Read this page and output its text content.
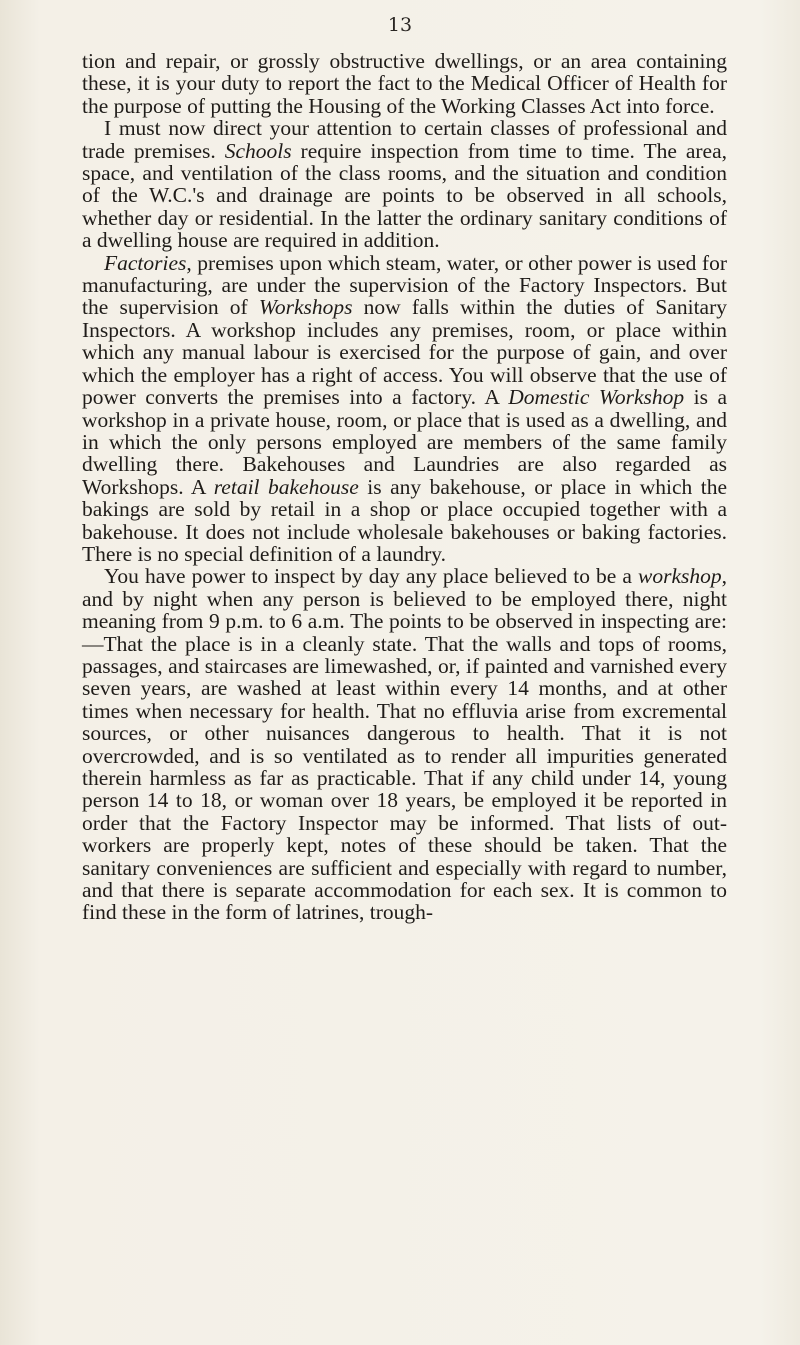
13

tion and repair, or grossly obstructive dwellings, or an area containing these, it is your duty to report the fact to the Medical Officer of Health for the purpose of putting the Housing of the Working Classes Act into force.

I must now direct your attention to certain classes of professional and trade premises. Schools require inspection from time to time. The area, space, and ventilation of the class rooms, and the situation and condition of the W.C.'s and drainage are points to be observed in all schools, whether day or residential. In the latter the ordinary sanitary conditions of a dwelling house are required in addition.

Factories, premises upon which steam, water, or other power is used for manufacturing, are under the supervision of the Factory Inspectors. But the supervision of Workshops now falls within the duties of Sanitary Inspectors. A workshop includes any premises, room, or place within which any manual labour is exercised for the purpose of gain, and over which the employer has a right of access. You will observe that the use of power converts the premises into a factory. A Domestic Workshop is a workshop in a private house, room, or place that is used as a dwelling, and in which the only persons employed are members of the same family dwelling there. Bakehouses and Laundries are also regarded as Workshops. A retail bakehouse is any bakehouse, or place in which the bakings are sold by retail in a shop or place occupied together with a bakehouse. It does not include wholesale bakehouses or baking factories. There is no special definition of a laundry.

You have power to inspect by day any place believed to be a workshop, and by night when any person is believed to be employed there, night meaning from 9 p.m. to 6 a.m. The points to be observed in inspecting are:—That the place is in a cleanly state. That the walls and tops of rooms, passages, and staircases are limewashed, or, if painted and varnished every seven years, are washed at least within every 14 months, and at other times when necessary for health. That no effluvia arise from excremental sources, or other nuisances dangerous to health. That it is not overcrowded, and is so ventilated as to render all impurities generated therein harmless as far as practicable. That if any child under 14, young person 14 to 18, or woman over 18 years, be employed it be reported in order that the Factory Inspector may be informed. That lists of out-workers are properly kept, notes of these should be taken. That the sanitary conveniences are sufficient and especially with regard to number, and that there is separate accommodation for each sex. It is common to find these in the form of latrines, trough-
